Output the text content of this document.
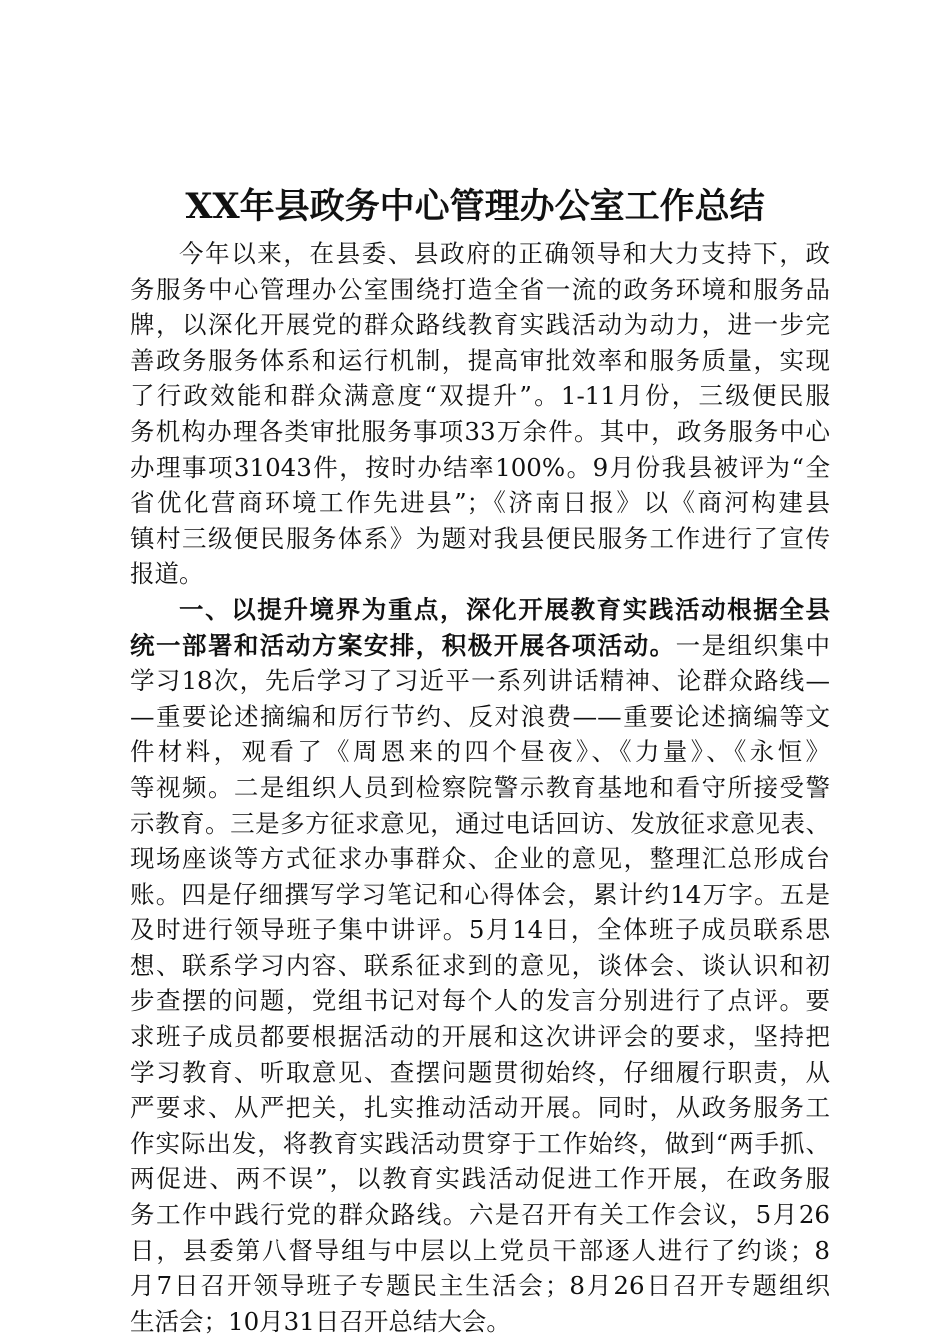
XX年县政务中心管理办公室工作总结
今年以来，在县委、县政府的正确领导和大力支持下，政
务服务中心管理办公室围绕打造全省一流的政务环境和服务品
牌，以深化开展党的群众路线教育实践活动为动力，进一步完
善政务服务体系和运行机制，提高审批效率和服务质量，实现
了行政效能和群众满意度“双提升”。1-11月份，三级便民服
务机构办理各类审批服务事项33万余件。其中，政务服务中心
办理事项31043件，按时办结率100%。9月份我县被评为“全
省优化营商环境工作先进县”；《济南日报》以《商河构建县
镇村三级便民服务体系》为题对我县便民服务工作进行了宣传
报道。
一、以提升境界为重点，深化开展教育实践活动根据全县
统一部署和活动方案安排，积极开展各项活动。一是组织集中
学习18次，先后学习了习近平一系列讲话精神、论群众路线—
—重要论述摘编和厉行节约、反对浪费——重要论述摘编等文
件材料，观看了《周恩来的四个昼夜》、《力量》、《永恒》
等视频。二是组织人员到检察院警示教育基地和看守所接受警
示教育。三是多方征求意见，通过电话回访、发放征求意见表、
现场座谈等方式征求办事群众、企业的意见，整理汇总形成台
账。四是仔细撰写学习笔记和心得体会，累计约14万字。五是
及时进行领导班子集中讲评。5月14日，全体班子成员联系思
想、联系学习内容、联系征求到的意见，谈体会、谈认识和初
步查摆的问题，党组书记对每个人的发言分别进行了点评。要
求班子成员都要根据活动的开展和这次讲评会的要求，坚持把
学习教育、听取意见、查摆问题贯彻始终，仔细履行职责，从
严要求、从严把关，扎实推动活动开展。同时，从政务服务工
作实际出发，将教育实践活动贯穿于工作始终，做到“两手抓、
两促进、两不误”，以教育实践活动促进工作开展，在政务服
务工作中践行党的群众路线。六是召开有关工作会议，5月26
日，县委第八督导组与中层以上党员干部逐人进行了约谈；8
月7日召开领导班子专题民主生活会；8月26日召开专题组织
生活会；10月31日召开总结大会。
